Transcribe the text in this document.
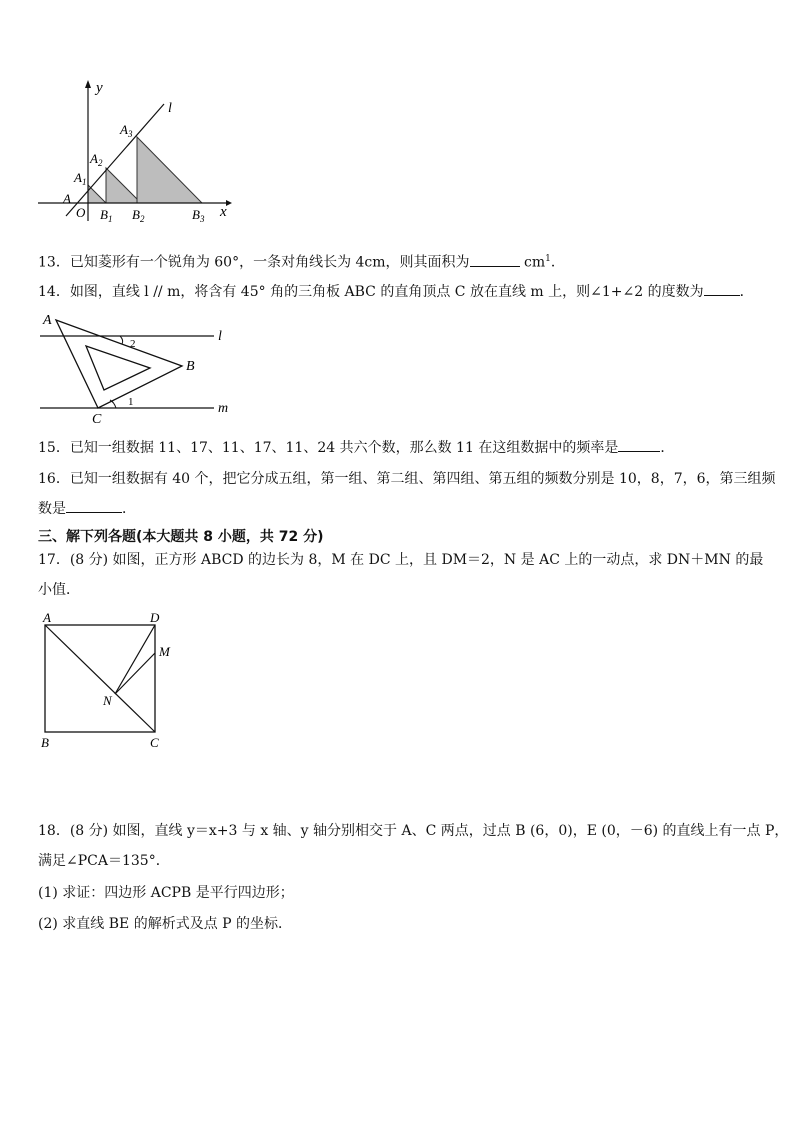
y
x
l
O
A
$A_1$
$A_2$
$A_3$
$B_1$ $B_2$	$B_3$
13．已知菱形有一个锐角为 60°，一条对角线长为 4cm，则其面积为	$cm^1$．
14．如图，直线 l // m，将含有 45° 角的三角板 ABC 的直角顶点 C 放在直线 m 上，则∠1+∠2 的度数为	．
A
B
C
l
m
2
1
15．已知一组数据 11、17、11、17、11、24 共六个数，那么数 11 在这组数据中的频率是	．
16．已知一组数据有 40 个，把它分成五组，第一组、第二组、第四组、第五组的频数分别是 10，8，7，6，第三组频
数是	．
三、解下列各题(本大题共 8 小题，共 72 分)
17．(8 分) 如图，正方形 ABCD 的边长为 8，M 在 DC 上，且 DM＝2，N 是 AC 上的一动点，求 DN＋MN 的最
小值．
A	D
M
N
B	C
18．(8 分) 如图，直线 y＝x+3 与 x 轴、y 轴分别相交于 A、C 两点，过点 B (6，0)，E (0，－6) 的直线上有一点 P，
满足∠PCA＝135°．
(1) 求证：四边形 ACPB 是平行四边形；
(2) 求直线 BE 的解析式及点 P 的坐标．
